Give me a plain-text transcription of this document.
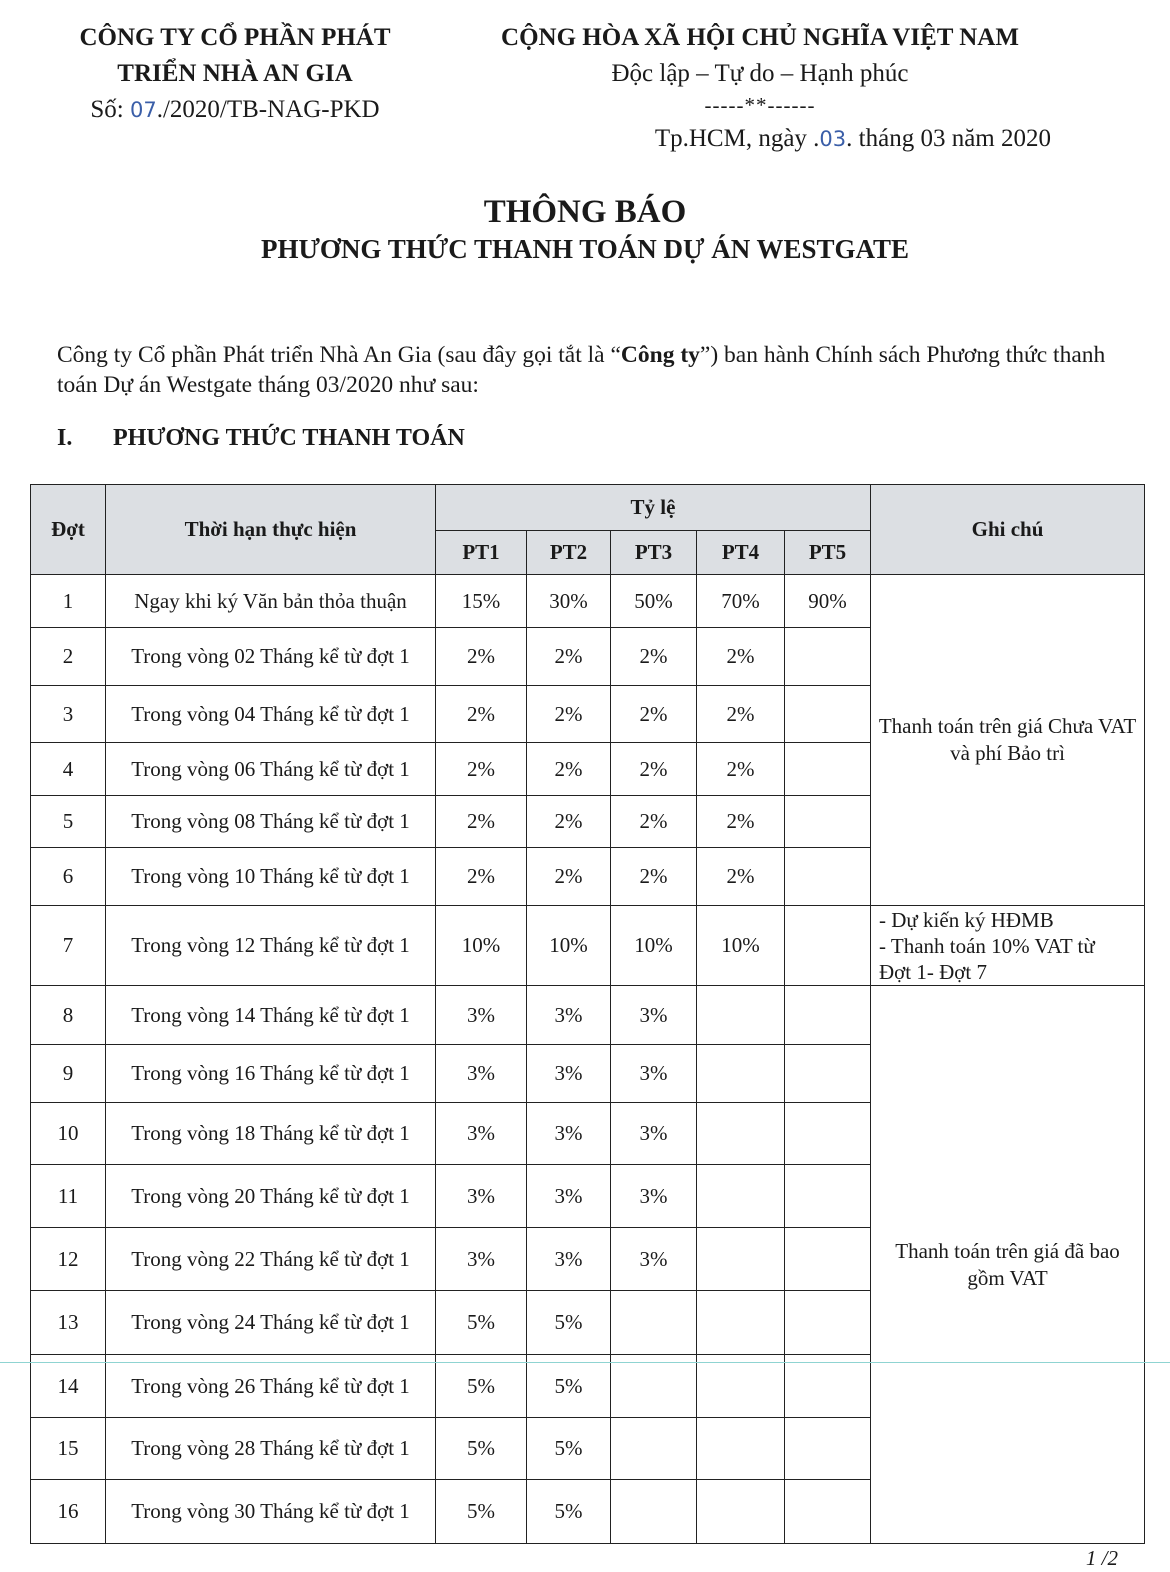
CÔNG TY CỔ PHẦN PHÁT
TRIỂN NHÀ AN GIA
Số: 07./2020/TB-NAG-PKD
CỘNG HÒA XÃ HỘI CHỦ NGHĨA VIỆT NAM
Độc lập – Tự do – Hạnh phúc
-----**------
Tp.HCM, ngày .03. tháng 03 năm 2020
THÔNG BÁO
PHƯƠNG THỨC THANH TOÁN DỰ ÁN WESTGATE
Công ty Cổ phần Phát triển Nhà An Gia (sau đây gọi tắt là “Công ty”) ban hành Chính sách Phương thức thanh toán Dự án Westgate tháng 03/2020 như sau:
I. PHƯƠNG THỨC THANH TOÁN
Đợt	Thời hạn thực hiện	Tỷ lệ					Ghi chú
		PT1	PT2	PT3	PT4	PT5	
1	Ngay khi ký Văn bản thỏa thuận	15%	30%	50%	70%	90%	Thanh toán trên giá Chưa VAT và phí Bảo trì
2	Trong vòng 02 Tháng kể từ đợt 1	2%	2%	2%	2%		
3	Trong vòng 04 Tháng kể từ đợt 1	2%	2%	2%	2%		
4	Trong vòng 06 Tháng kể từ đợt 1	2%	2%	2%	2%		
5	Trong vòng 08 Tháng kể từ đợt 1	2%	2%	2%	2%		
6	Trong vòng 10 Tháng kể từ đợt 1	2%	2%	2%	2%		
7	Trong vòng 12 Tháng kể từ đợt 1	10%	10%	10%	10%		- Dự kiến ký HĐMB
- Thanh toán 10% VAT từ
Đợt 1- Đợt 7

8	Trong vòng 14 Tháng kể từ đợt 1	3%	3%	3%			Thanh toán trên giá đã bao gồm VAT
9	Trong vòng 16 Tháng kể từ đợt 1	3%	3%	3%			
10	Trong vòng 18 Tháng kể từ đợt 1	3%	3%	3%			
11	Trong vòng 20 Tháng kể từ đợt 1	3%	3%	3%			
12	Trong vòng 22 Tháng kể từ đợt 1	3%	3%	3%			
13	Trong vòng 24 Tháng kể từ đợt 1	5%	5%				
14	Trong vòng 26 Tháng kể từ đợt 1	5%	5%				
15	Trong vòng 28 Tháng kể từ đợt 1	5%	5%				
16	Trong vòng 30 Tháng kể từ đợt 1	5%	5%				
1 /2
